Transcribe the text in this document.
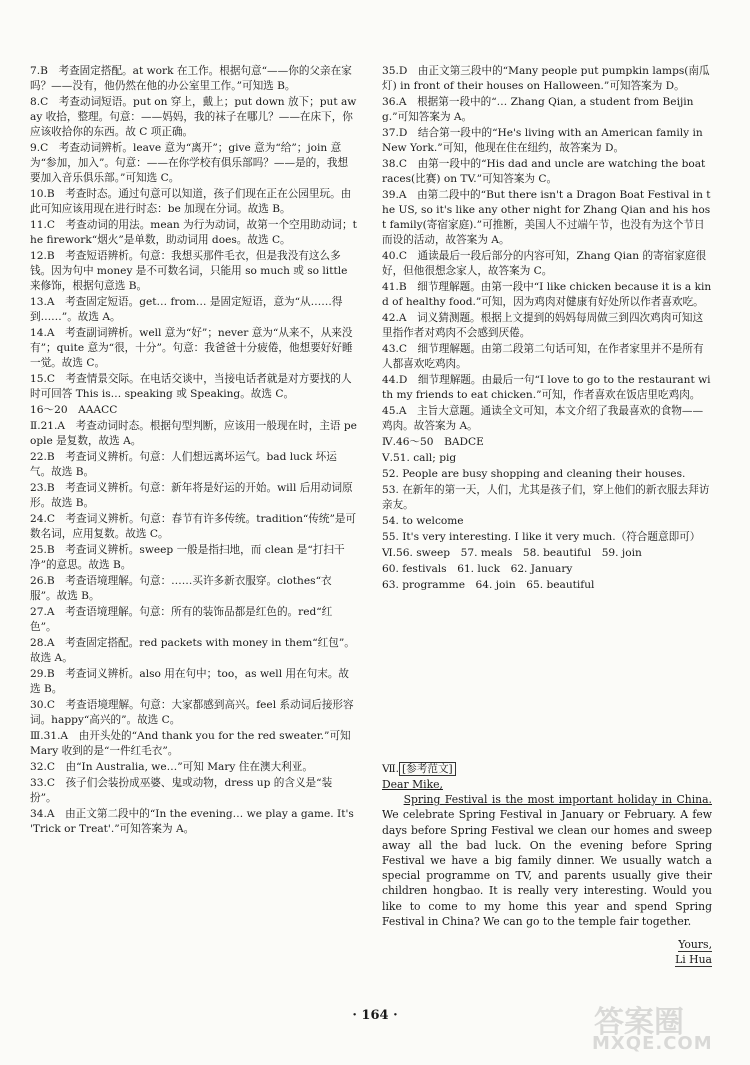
7.B　考查固定搭配。at work 在工作。根据句意“——你的父亲在家吗？——没有，他仍然在他的办公室里工作。”可知选 B。

8.C　考查动词短语。put on 穿上，戴上；put down 放下；put away 收拾，整理。句意：——妈妈，我的袜子在哪儿？——在床下，你应该收拾你的东西。故 C 项正确。

9.C　考查动词辨析。leave 意为“离开”；give 意为“给”；join 意为“参加，加入”。句意：——在你学校有俱乐部吗？——是的，我想要加入音乐俱乐部。”可知选 C。

10.B　考查时态。通过句意可以知道，孩子们现在正在公园里玩。由此可知应该用现在进行时态：be 加现在分词。故选 B。

11.C　考查动词的用法。mean 为行为动词，故第一个空用助动词；the firework“烟火”是单数，助动词用 does。故选 C。

12.B　考查短语辨析。句意：我想买那件毛衣，但是我没有这么多钱。因为句中 money 是不可数名词，只能用 so much 或 so little 来修饰，根据句意选 B。

13.A　考查固定短语。get… from… 是固定短语，意为“从……得到……”。故选 A。

14.A　考查副词辨析。well 意为“好”；never 意为“从来不，从来没有”；quite 意为“很，十分”。句意：我爸爸十分疲倦，他想要好好睡一觉。故选 C。

15.C　考查情景交际。在电话交谈中，当接电话者就是对方要找的人时可回答 This is… speaking 或 Speaking。故选 C。

16～20　AAACC

Ⅱ.21.A　考查动词时态。根据句型判断，应该用一般现在时，主语 people 是复数，故选 A。

22.B　考查词义辨析。句意：人们想远离坏运气。bad luck 坏运气。故选 B。

23.B　考查词义辨析。句意：新年将是好运的开始。will 后用动词原形。故选 B。

24.C　考查词义辨析。句意：春节有许多传统。tradition“传统”是可数名词，应用复数。故选 C。

25.B　考查词义辨析。sweep 一般是指扫地，而 clean 是“打扫干净”的意思。故选 B。

26.B　考查语境理解。句意：……买许多新衣服穿。clothes“衣服”。故选 B。

27.A　考查语境理解。句意：所有的装饰品都是红色的。red“红色”。

28.A　考查固定搭配。red packets with money in them“红包”。故选 A。

29.B　考查词义辨析。also 用在句中；too，as well 用在句末。故选 B。

30.C　考查语境理解。句意：大家都感到高兴。feel 系动词后接形容词。happy“高兴的”。故选 C。

Ⅲ.31.A　由开头处的“And thank you for the red sweater.”可知 Mary 收到的是“一件红毛衣”。

32.C　由“In Australia, we…”可知 Mary 住在澳大利亚。

33.C　孩子们会装扮成巫婆、鬼或动物，dress up 的含义是“装扮”。

34.A　由正文第二段中的“In the evening… we play a game. It's 'Trick or Treat'.”可知答案为 A。

35.D　由正文第三段中的“Many people put pumpkin lamps(南瓜灯) in front of their houses on Halloween.”可知答案为 D。

36.A　根据第一段中的“… Zhang Qian, a student from Beijing.”可知答案为 A。

37.D　结合第一段中的“He's living with an American family in New York.”可知，他现在住在纽约，故答案为 D。

38.C　由第一段中的“His dad and uncle are watching the boat races(比赛) on TV.”可知答案为 C。

39.A　由第二段中的“But there isn't a Dragon Boat Festival in the US, so it's like any other night for Zhang Qian and his host family(寄宿家庭).”可推断，美国人不过端午节，也没有为这个节日而设的活动，故答案为 A。

40.C　通读最后一段后部分的内容可知，Zhang Qian 的寄宿家庭很好，但他很想念家人，故答案为 C。

41.B　细节理解题。由第一段中“I like chicken because it is a kind of healthy food.”可知，因为鸡肉对健康有好处所以作者喜欢吃。

42.A　词义猜测题。根据上文提到的妈妈每周做三到四次鸡肉可知这里指作者对鸡肉不会感到厌倦。

43.C　细节理解题。由第二段第二句话可知，在作者家里并不是所有人都喜欢吃鸡肉。

44.D　细节理解题。由最后一句“I love to go to the restaurant with my friends to eat chicken.”可知，作者喜欢在饭店里吃鸡肉。

45.A　主旨大意题。通读全文可知，本文介绍了我最喜欢的食物——鸡肉。故答案为 A。

Ⅳ.46～50　BADCE

Ⅴ.51. call; pig

52. People are busy shopping and cleaning their houses.

53. 在新年的第一天，人们，尤其是孩子们，穿上他们的新衣服去拜访亲友。

54. to welcome

55. It's very interesting. I like it very much.（符合题意即可）

Ⅵ.56. sweep　57. meals　58. beautiful　59. join

60. festivals　61. luck　62. January

63. programme　64. join　65. beautiful

Ⅶ. [参考范文]

Dear Mike,

Spring Festival is the most important holiday in China. We celebrate Spring Festival in January or February. A few days before Spring Festival we clean our homes and sweep away all the bad luck. On the evening before Spring Festival we have a big family dinner. We usually watch a special programme on TV, and parents usually give their children hongbao. It is really very interesting. Would you like to come to my home this year and spend Spring Festival in China? We can go to the temple fair together.

Yours,

Li Hua

· 164 ·	答案圈
MXQE.COM
